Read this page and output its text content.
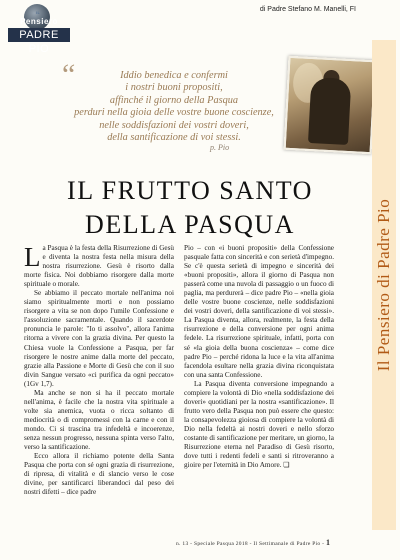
IL
Pensiero
PADRE PIO
di Padre Stefano M. Manelli, FI
“	Iddio benedica e confermi
i nostri buoni propositi,
affinché il giorno della Pasqua
perduri nella gioia delle vostre buone coscienze,
nelle soddisfazioni dei vostri doveri,
della santificazione di voi stessi.
p. Pio
IL FRUTTO SANTO
DELLA PASQUA

La Pasqua è la festa della Risurrezione di Gesù e diventa la nostra festa nella misura della nostra risurrezione. Gesù è risorto dalla morte fisica. Noi dobbiamo risorgere dalla morte spirituale o morale.

Se abbiamo il peccato mortale nell'anima noi siamo spiritualmente morti e non possiamo risorgere a vita se non dopo l'umile Confessione e l'assoluzione sacramentale. Quando il sacerdote pronuncia le parole: "Io ti assolvo", allora l'anima ritorna a vivere con la grazia divina. Per questo la Chiesa vuole la Confessione a Pasqua, per far risorgere le nostre anime dalla morte del peccato, grazie alla Passione e Morte di Gesù che con il suo divin Sangue versato «ci purifica da ogni peccato» (1Gv 1,7).

Ma anche se non si ha il peccato mortale nell'anima, è facile che la nostra vita spirituale a volte sia anemica, vuota o ricca soltanto di mediocrità o di compromessi con la carne e con il mondo. Ci si trascina tra infedeltà e incoerenze, senza nessun progresso, nessuna spinta verso l'alto, verso la santificazione.

Ecco allora il richiamo potente della Santa Pasqua che porta con sé ogni grazia di risurrezione, di ripresa, di vitalità e di slancio verso le cose divine, per santificarci liberandoci dal peso dei nostri difetti – dice padre

Pio – con «i buoni propositi» della Confessione pasquale fatta con sincerità e con serietà d'impegno. Se c'è questa serietà di impegno e sincerità dei «buoni propositi», allora il giorno di Pasqua non passerà come una nuvola di passaggio o un fuoco di paglia, ma perdurerà – dice padre Pio – «nella gioia delle vostre buone coscienze, nelle soddisfazioni dei vostri doveri, della santificazione di voi stessi». La Pasqua diventa, allora, realmente, la festa della risurrezione e della conversione per ogni anima fedele. La risurrezione spirituale, infatti, porta con sé «la gioia della buona coscienza» – come dice padre Pio – perché ridona la luce e la vita all'anima facendola esultare nella grazia divina riconquistata con una santa Confessione.

La Pasqua diventa conversione impegnando a compiere la volontà di Dio «nella soddisfazione dei doveri» quotidiani per la nostra «santificazione». Il frutto vero della Pasqua non può essere che questo: la consapevolezza gioiosa di compiere la volontà di Dio nella fedeltà ai nostri doveri e nello sforzo costante di santificazione per meritare, un giorno, la Risurrezione eterna nel Paradiso di Gesù risorto, dove tutti i redenti fedeli e santi si ritroveranno a gioire per l'eternità in Dio Amore. ❏

Il Pensiero di Padre Pio
n. 13 - Speciale Pasqua 2018 - Il Settimanale di Padre Pio - 1
